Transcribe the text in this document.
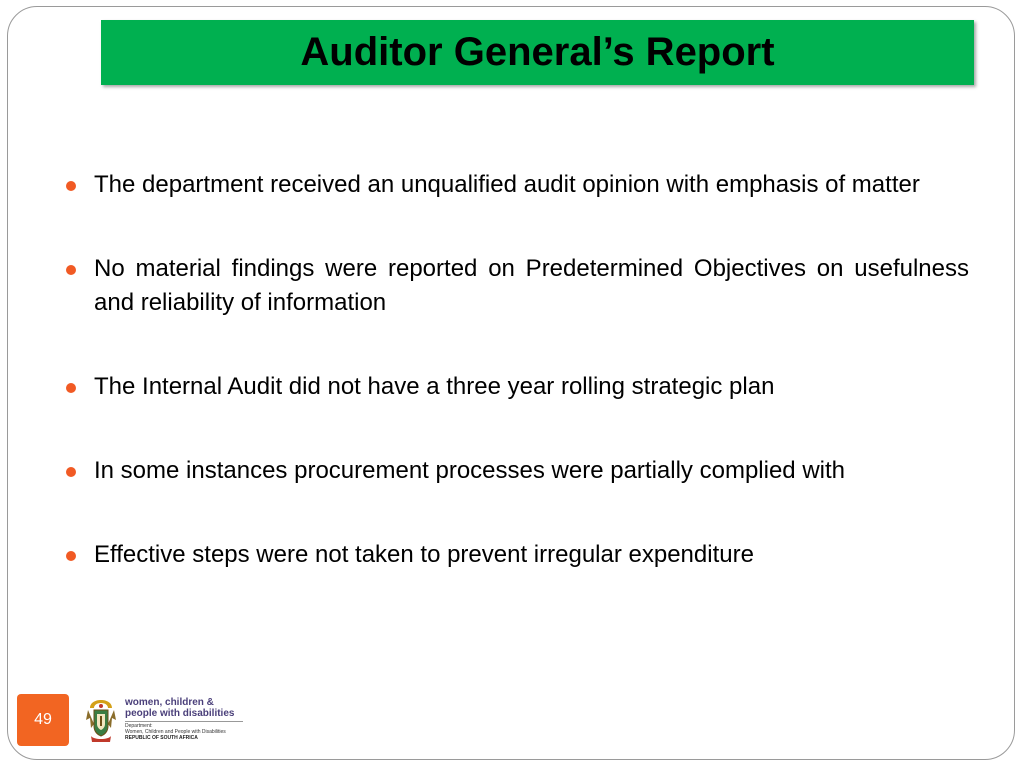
Auditor General’s Report
The department received an unqualified audit opinion with emphasis of matter
No material findings were reported on Predetermined Objectives on usefulness and reliability of information
The Internal Audit did not have a three year rolling strategic plan
In some instances procurement processes were partially complied with
Effective steps were not taken to prevent irregular expenditure
49
women, children &
people with disabilities
Department:
Women, Children and People with Disabilities
REPUBLIC OF SOUTH AFRICA
